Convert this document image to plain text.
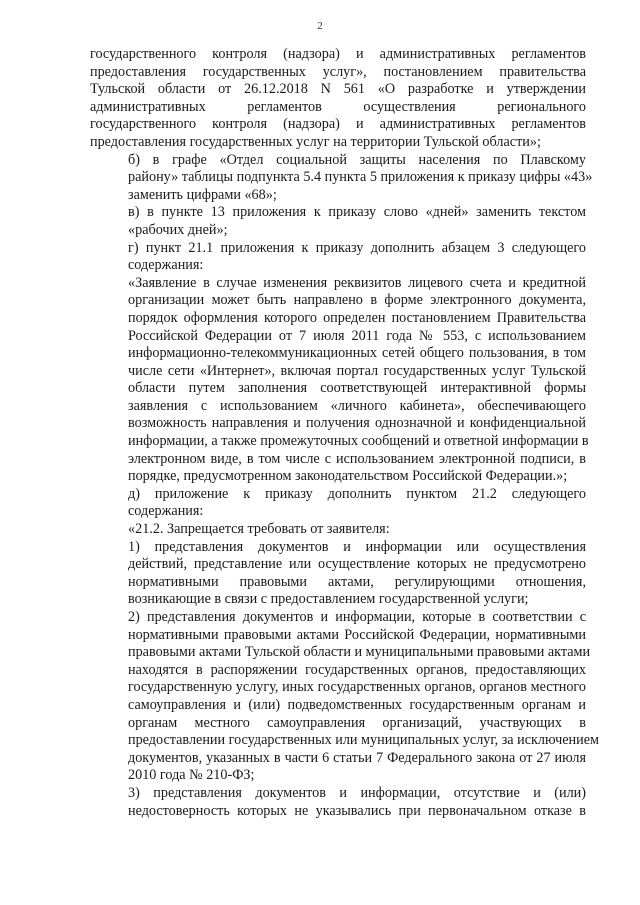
2

государственного контроля (надзора) и административных регламентов
предоставления государственных услуг», постановлением правительства
Тульской области от 26.12.2018 N 561 «О разработке и утверждении
административных регламентов осуществления регионального
государственного контроля (надзора) и административных регламентов
предоставления государственных услуг на территории Тульской области»;

б) в графе «Отдел социальной защиты населения по Плавскому
району» таблицы подпункта 5.4 пункта 5 приложения к приказу цифры «43»
заменить цифрами «68»;

в) в пункте 13 приложения к приказу слово «дней» заменить текстом
«рабочих дней»;

г) пункт 21.1 приложения к приказу дополнить абзацем 3 следующего
содержания:

«Заявление в случае изменения реквизитов лицевого счета и кредитной
организации может быть направлено в форме электронного документа,
порядок оформления которого определен постановлением Правительства
Российской Федерации от 7 июля 2011 года № 553, с использованием
информационно-телекоммуникационных сетей общего пользования, в том
числе сети «Интернет», включая портал государственных услуг Тульской
области путем заполнения соответствующей интерактивной формы
заявления с использованием «личного кабинета», обеспечивающего
возможность направления и получения однозначной и конфиденциальной
информации, а также промежуточных сообщений и ответной информации в
электронном виде, в том числе с использованием электронной подписи, в
порядке, предусмотренном законодательством Российской Федерации.»;

д) приложение к приказу дополнить пунктом 21.2 следующего
содержания:

«21.2. Запрещается требовать от заявителя:

1) представления документов и информации или осуществления
действий, представление или осуществление которых не предусмотрено
нормативными правовыми актами, регулирующими отношения,
возникающие в связи с предоставлением государственной услуги;

2) представления документов и информации, которые в соответствии с
нормативными правовыми актами Российской Федерации, нормативными
правовыми актами Тульской области и муниципальными правовыми актами
находятся в распоряжении государственных органов, предоставляющих
государственную услугу, иных государственных органов, органов местного
самоуправления и (или) подведомственных государственным органам и
органам местного самоуправления организаций, участвующих в
предоставлении государственных или муниципальных услуг, за исключением
документов, указанных в части 6 статьи 7 Федерального закона от 27 июля
2010 года № 210-ФЗ;

3) представления документов и информации, отсутствие и (или)
недостоверность которых не указывались при первоначальном отказе в
